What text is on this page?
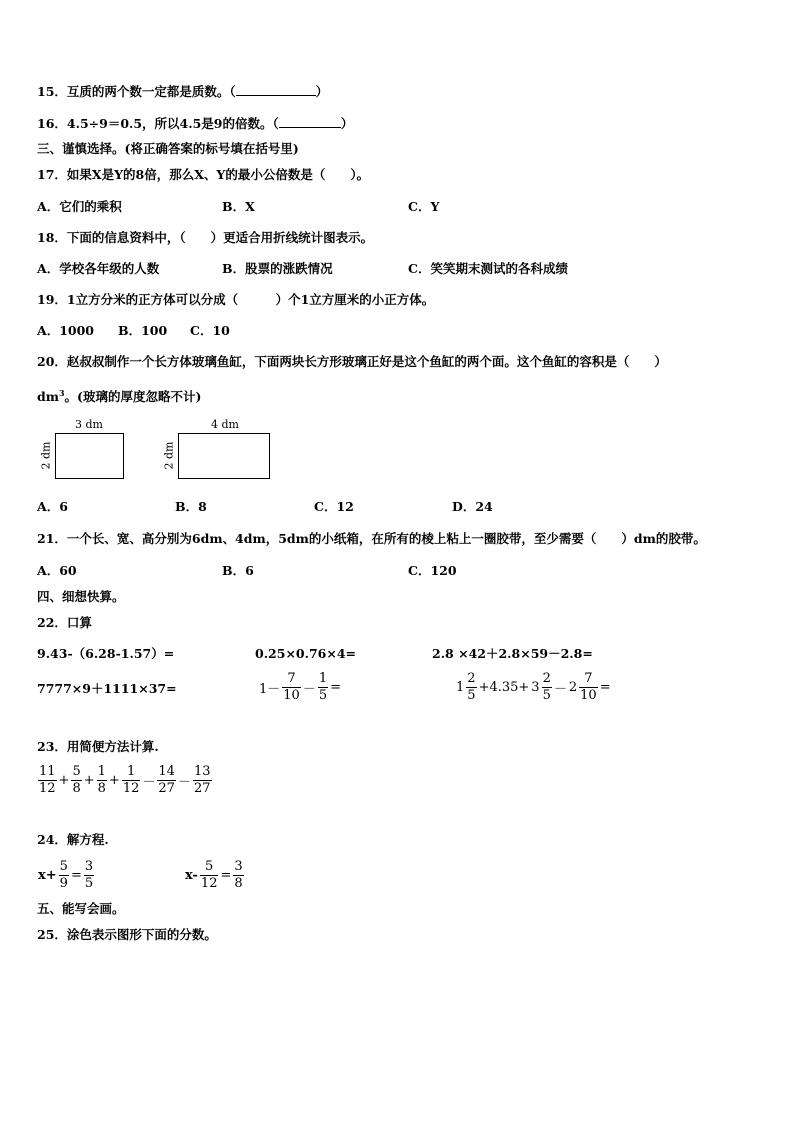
15．互质的两个数一定都是质数。（	）
16．4.5÷9＝0.5，所以4.5是9的倍数。（	）
三、谨慎选择。(将正确答案的标号填在括号里)
17．如果X是Y的8倍，那么X、Y的最小公倍数是（　　）。
A．它们的乘积	B．X	C．Y
18．下面的信息资料中，（　　）更适合用折线统计图表示。
A．学校各年级的人数	B．股票的涨跌情况	C．笑笑期末测试的各科成绩
19．1立方分米的正方体可以分成（　　　）个1立方厘米的小正方体。
A．1000 B．100 C．10
20．赵叔叔制作一个长方体玻璃鱼缸，下面两块长方形玻璃正好是这个鱼缸的两个面。这个鱼缸的容积是（　　）
$dm^3$。(玻璃的厚度忽略不计)
3 dm
2 dm
4 dm
2 dm
A．6	B．8	C．12	D．24
21．一个长、宽、高分别为6dm、4dm，5dm的小纸箱，在所有的棱上粘上一圈胶带，至少需要（　　）dm的胶带。
A．60	B．6	C．120
四、细想快算。
22．口算
9.43-（6.28-1.57）=	0.25×0.76×4=	2.8 ×42＋2.8×59－2.8=
7777×9＋1111×37=	$1- \frac{7}{10} - \frac{1}{5}$ =	$1 \frac{2}{5} +4.35+ 3 \frac{2}{5} - 2 \frac{7}{10}$ =
23．用简便方法计算.
$\frac{11}{12} + \frac{5}{8} + \frac{1}{8} + \frac{1}{12} - \frac{14}{27} - \frac{13}{27}$
24．解方程.
$x+ \frac{5}{9} = \frac{3}{5}$	$x- \frac{5}{12} = \frac{3}{8}$
五、能写会画。
25．涂色表示图形下面的分数。
